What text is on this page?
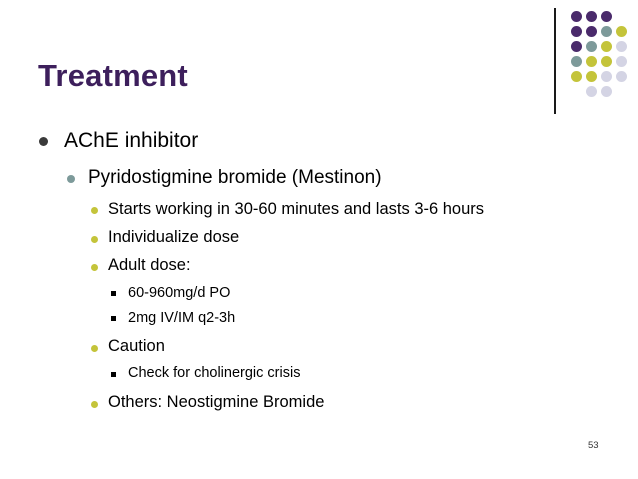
Treatment
AChE inhibitor
Pyridostigmine bromide (Mestinon)
Starts working in 30-60 minutes and lasts 3-6 hours
Individualize dose
Adult dose:
60-960mg/d PO
2mg IV/IM q2-3h
Caution
Check for cholinergic crisis
Others: Neostigmine Bromide
53
